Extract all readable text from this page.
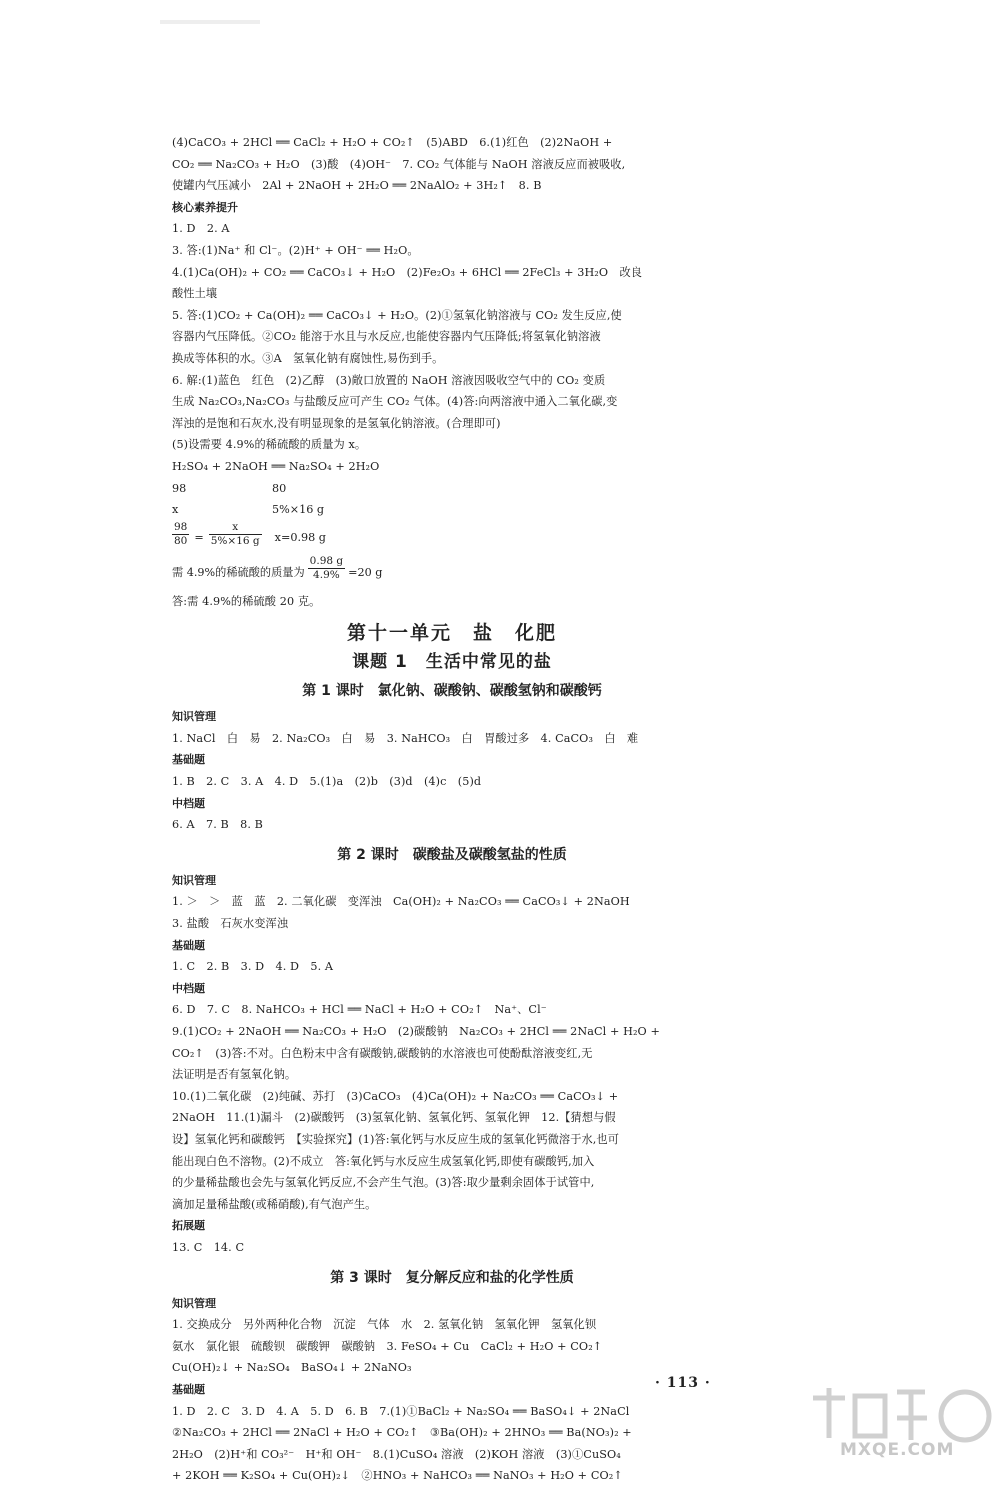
(4)CaCO₃ + 2HCl ══ CaCl₂ + H₂O + CO₂↑　(5)ABD　6.(1)红色　(2)2NaOH +
CO₂ ══ Na₂CO₃ + H₂O　(3)酸　(4)OH⁻　7. CO₂ 气体能与 NaOH 溶液反应而被吸收,
使罐内气压减小　2Al + 2NaOH + 2H₂O ══ 2NaAlO₂ + 3H₂↑　8. B
核心素养提升
1. D　2. A
3. 答:(1)Na⁺ 和 Cl⁻。(2)H⁺ + OH⁻ ══ H₂O。
4.(1)Ca(OH)₂ + CO₂ ══ CaCO₃↓ + H₂O　(2)Fe₂O₃ + 6HCl ══ 2FeCl₃ + 3H₂O　改良
酸性土壤
5. 答:(1)CO₂ + Ca(OH)₂ ══ CaCO₃↓ + H₂O。(2)①氢氧化钠溶液与 CO₂ 发生反应,使
容器内气压降低。②CO₂ 能溶于水且与水反应,也能使容器内气压降低;将氢氧化钠溶液
换成等体积的水。③A　氢氧化钠有腐蚀性,易伤到手。
6. 解:(1)蓝色　红色　(2)乙醇　(3)敞口放置的 NaOH 溶液因吸收空气中的 CO₂ 变质
生成 Na₂CO₃,Na₂CO₃ 与盐酸反应可产生 CO₂ 气体。(4)答:向两溶液中通入二氧化碳,变
浑浊的是饱和石灰水,没有明显现象的是氢氧化钠溶液。(合理即可)
(5)设需要 4.9%的稀硫酸的质量为 x。
H₂SO₄ + 2NaOH ══ Na₂SO₄ + 2H₂O
98	80
x	5%×16 g
$\frac{98}{80} = \frac{x}{5\%\times 16 g} x=0.98$ g
需 4.9%的稀硫酸的质量为 $\frac{0.98 g}{4.9\%} =20$ g
答:需 4.9%的稀硫酸 20 克。
第十一单元　盐　化肥
课题 1　生活中常见的盐
第 1 课时　氯化钠、碳酸钠、碳酸氢钠和碳酸钙
知识管理
1. NaCl　白　易　2. Na₂CO₃　白　易　3. NaHCO₃　白　胃酸过多　4. CaCO₃　白　难
基础题
1. B　2. C　3. A　4. D　5.(1)a　(2)b　(3)d　(4)c　(5)d
中档题
6. A　7. B　8. B
第 2 课时　碳酸盐及碳酸氢盐的性质
知识管理
1. ＞　＞　蓝　蓝　2. 二氧化碳　变浑浊　Ca(OH)₂ + Na₂CO₃ ══ CaCO₃↓ + 2NaOH
3. 盐酸　石灰水变浑浊
基础题
1. C　2. B　3. D　4. D　5. A
中档题
6. D　7. C　8. NaHCO₃ + HCl ══ NaCl + H₂O + CO₂↑　Na⁺、Cl⁻
9.(1)CO₂ + 2NaOH ══ Na₂CO₃ + H₂O　(2)碳酸钠　Na₂CO₃ + 2HCl ══ 2NaCl + H₂O +
CO₂↑　(3)答:不对。白色粉末中含有碳酸钠,碳酸钠的水溶液也可使酚酞溶液变红,无
法证明是否有氢氧化钠。
10.(1)二氧化碳　(2)纯碱、苏打　(3)CaCO₃　(4)Ca(OH)₂ + Na₂CO₃ ══ CaCO₃↓ +
2NaOH　11.(1)漏斗　(2)碳酸钙　(3)氢氧化钠、氢氧化钙、氢氧化钾　12.【猜想与假
设】氢氧化钙和碳酸钙　【实验探究】(1)答:氧化钙与水反应生成的氢氧化钙微溶于水,也可
能出现白色不溶物。(2)不成立　答:氧化钙与水反应生成氢氧化钙,即使有碳酸钙,加入
的少量稀盐酸也会先与氢氧化钙反应,不会产生气泡。(3)答:取少量剩余固体于试管中,
滴加足量稀盐酸(或稀硝酸),有气泡产生。
拓展题
13. C　14. C
第 3 课时　复分解反应和盐的化学性质
知识管理
1. 交换成分　另外两种化合物　沉淀　气体　水　2. 氢氧化钠　氢氧化钾　氢氧化钡
氨水　氯化银　硫酸钡　碳酸钾　碳酸钠　3. FeSO₄ + Cu　CaCl₂ + H₂O + CO₂↑
Cu(OH)₂↓ + Na₂SO₄　BaSO₄↓ + 2NaNO₃
基础题
1. D　2. C　3. D　4. A　5. D　6. B　7.(1)①BaCl₂ + Na₂SO₄ ══ BaSO₄↓ + 2NaCl
②Na₂CO₃ + 2HCl ══ 2NaCl + H₂O + CO₂↑　③Ba(OH)₂ + 2HNO₃ ══ Ba(NO₃)₂ +
2H₂O　(2)H⁺和 CO₃²⁻　H⁺和 OH⁻　8.(1)CuSO₄ 溶液　(2)KOH 溶液　(3)①CuSO₄
+ 2KOH ══ K₂SO₄ + Cu(OH)₂↓　②HNO₃ + NaHCO₃ ══ NaNO₃ + H₂O + CO₂↑
· 113 ·
MXQE.COM
